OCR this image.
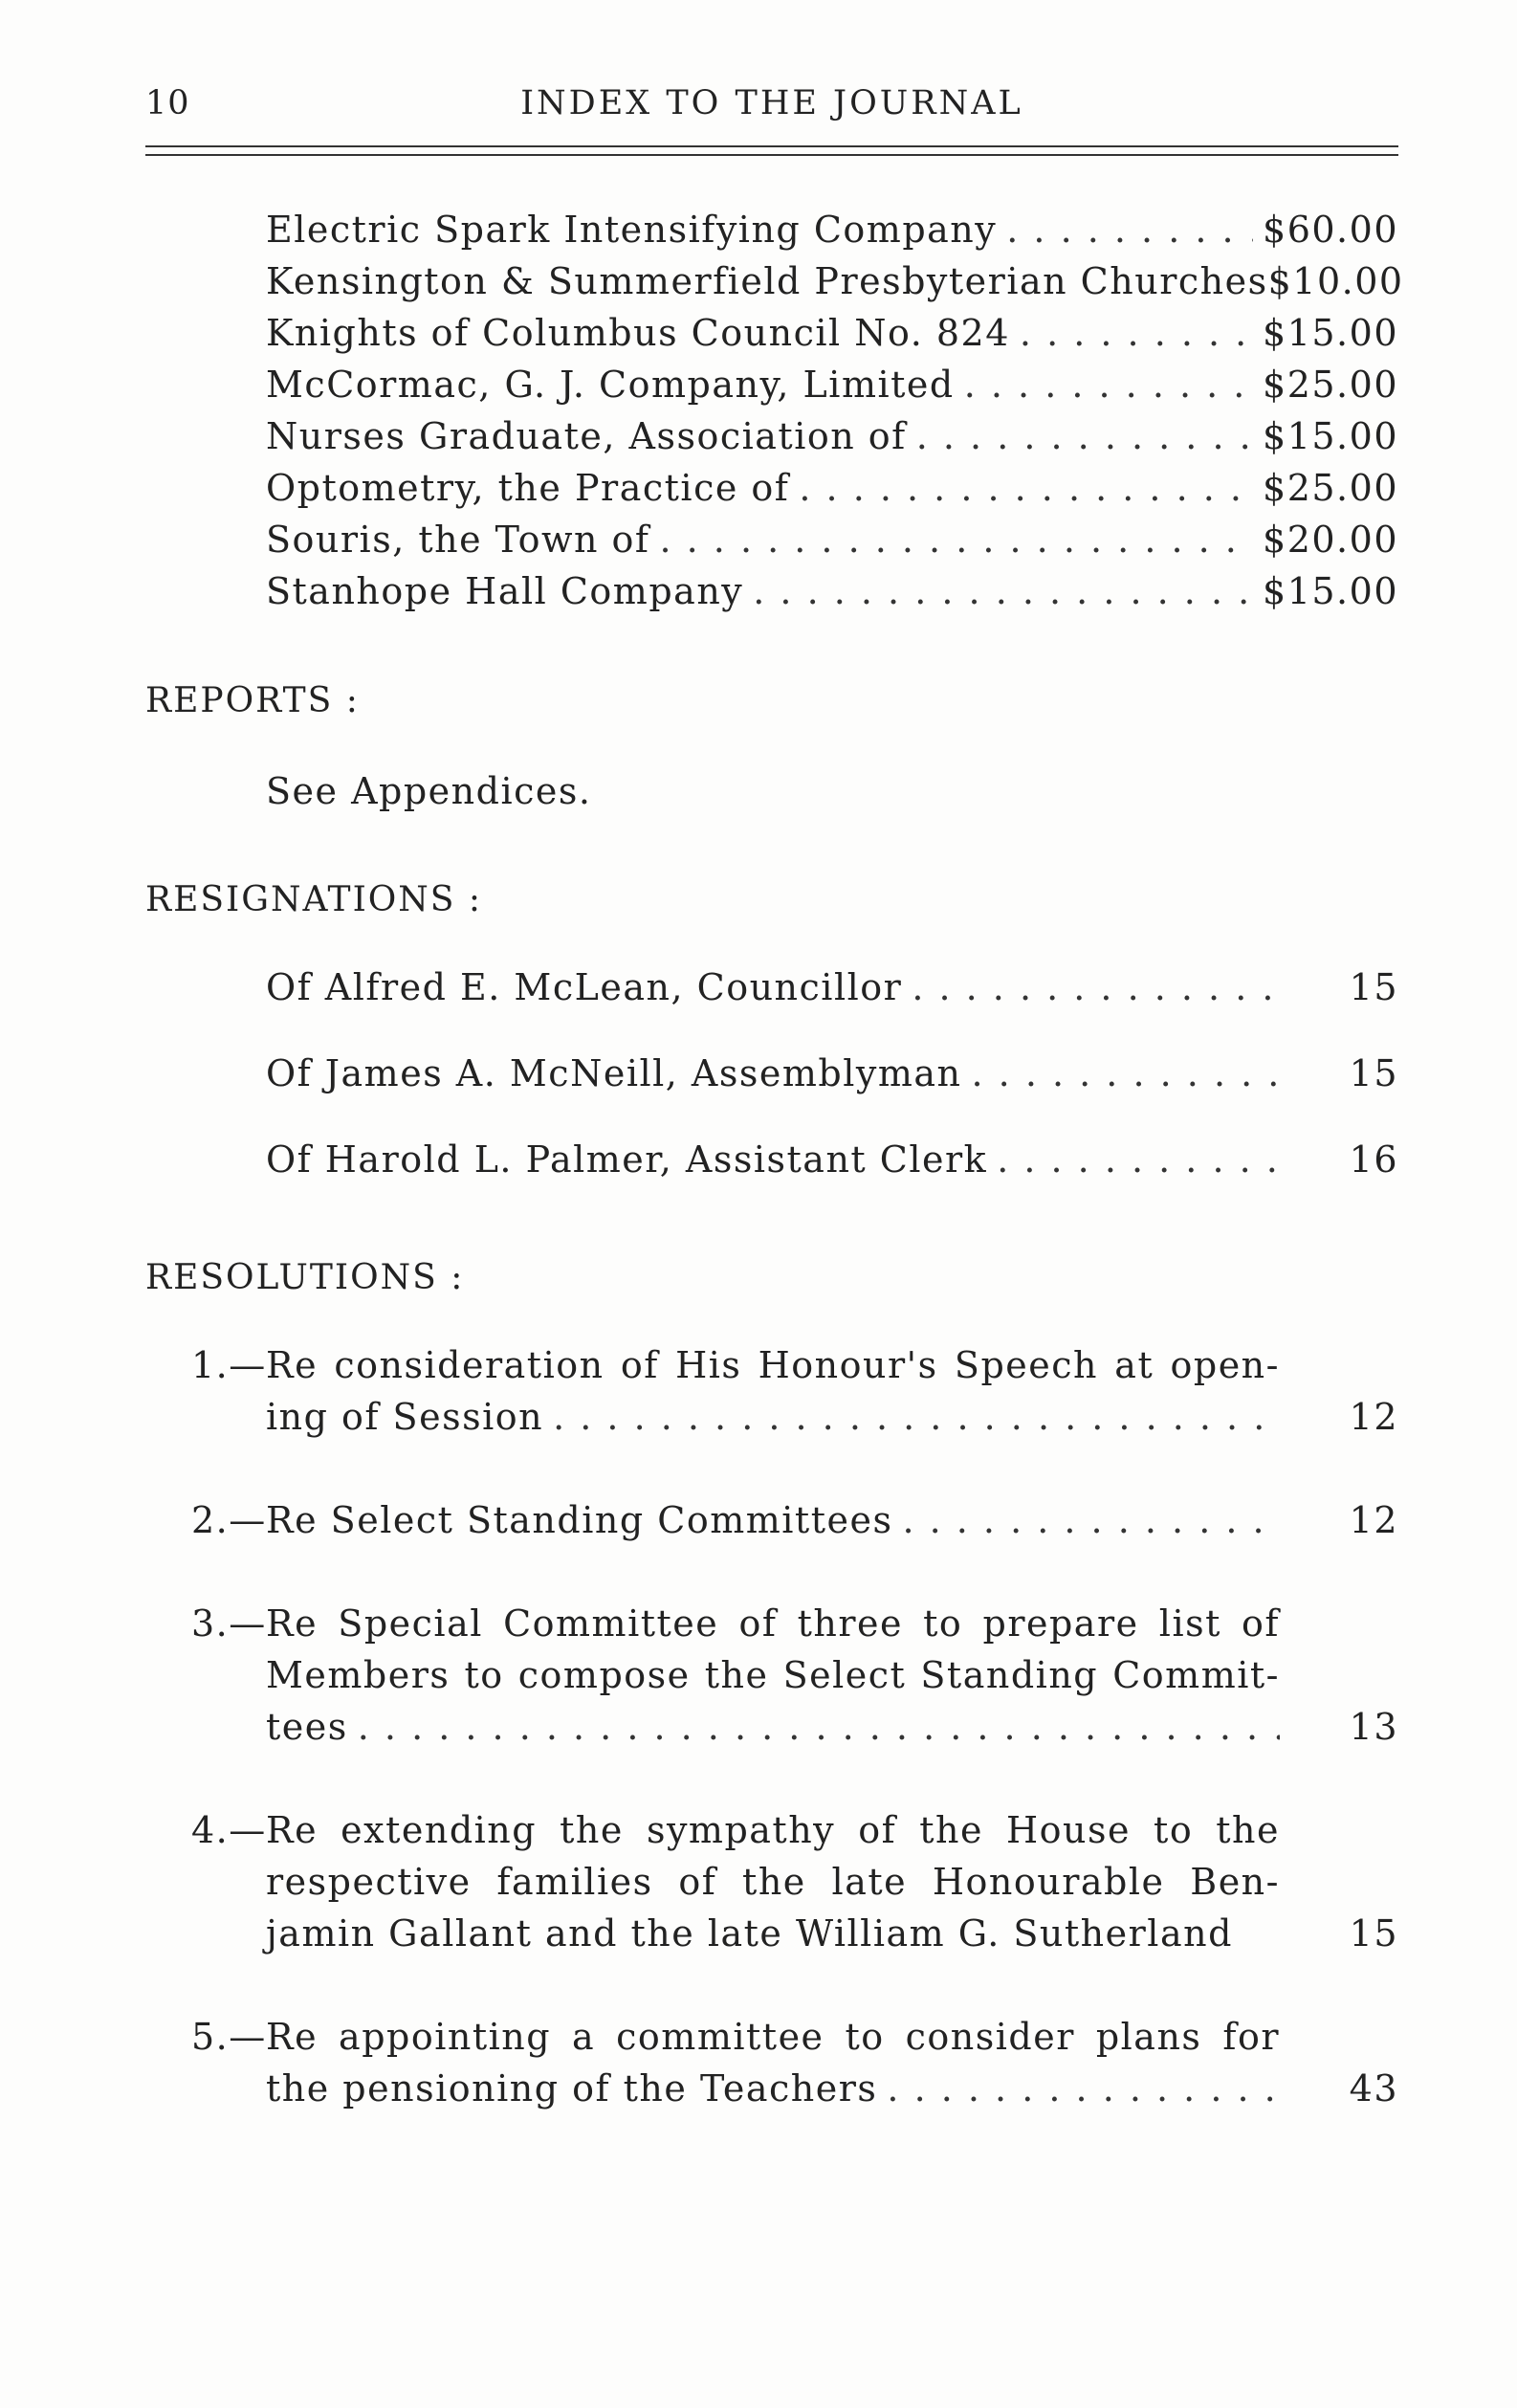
10	INDEX TO THE JOURNAL
Electric Spark Intensifying Company . . .	$60.00
Kensington & Summerfield Presbyterian Churches $10.00
Knights of Columbus Council No. 824 . . .	$15.00
McCormac, G. J. Company, Limited . . .	$25.00
Nurses Graduate, Association of . . .	$15.00
Optometry, the Practice of . . .	$25.00
Souris, the Town of . . .	$20.00
Stanhope Hall Company . . .	$15.00
REPORTS :
See Appendices.
RESIGNATIONS :
Of Alfred E. McLean, Councillor . . .	15
Of James A. McNeill, Assemblyman . . .	15
Of Harold L. Palmer, Assistant Clerk . . .	16
RESOLUTIONS :
1.— Re consideration of His Honour's Speech at open-
ing of Session . . .	12
2.— Re Select Standing Committees . . .	12
3.— Re Special Committee of three to prepare list of
Members to compose the Select Standing Commit-
tees . . .	13
4.— Re extending the sympathy of the House to the
respective families of the late Honourable Ben-
jamin Gallant and the late William G. Sutherland	15
5.— Re appointing a committee to consider plans for
the pensioning of the Teachers . . .	43
